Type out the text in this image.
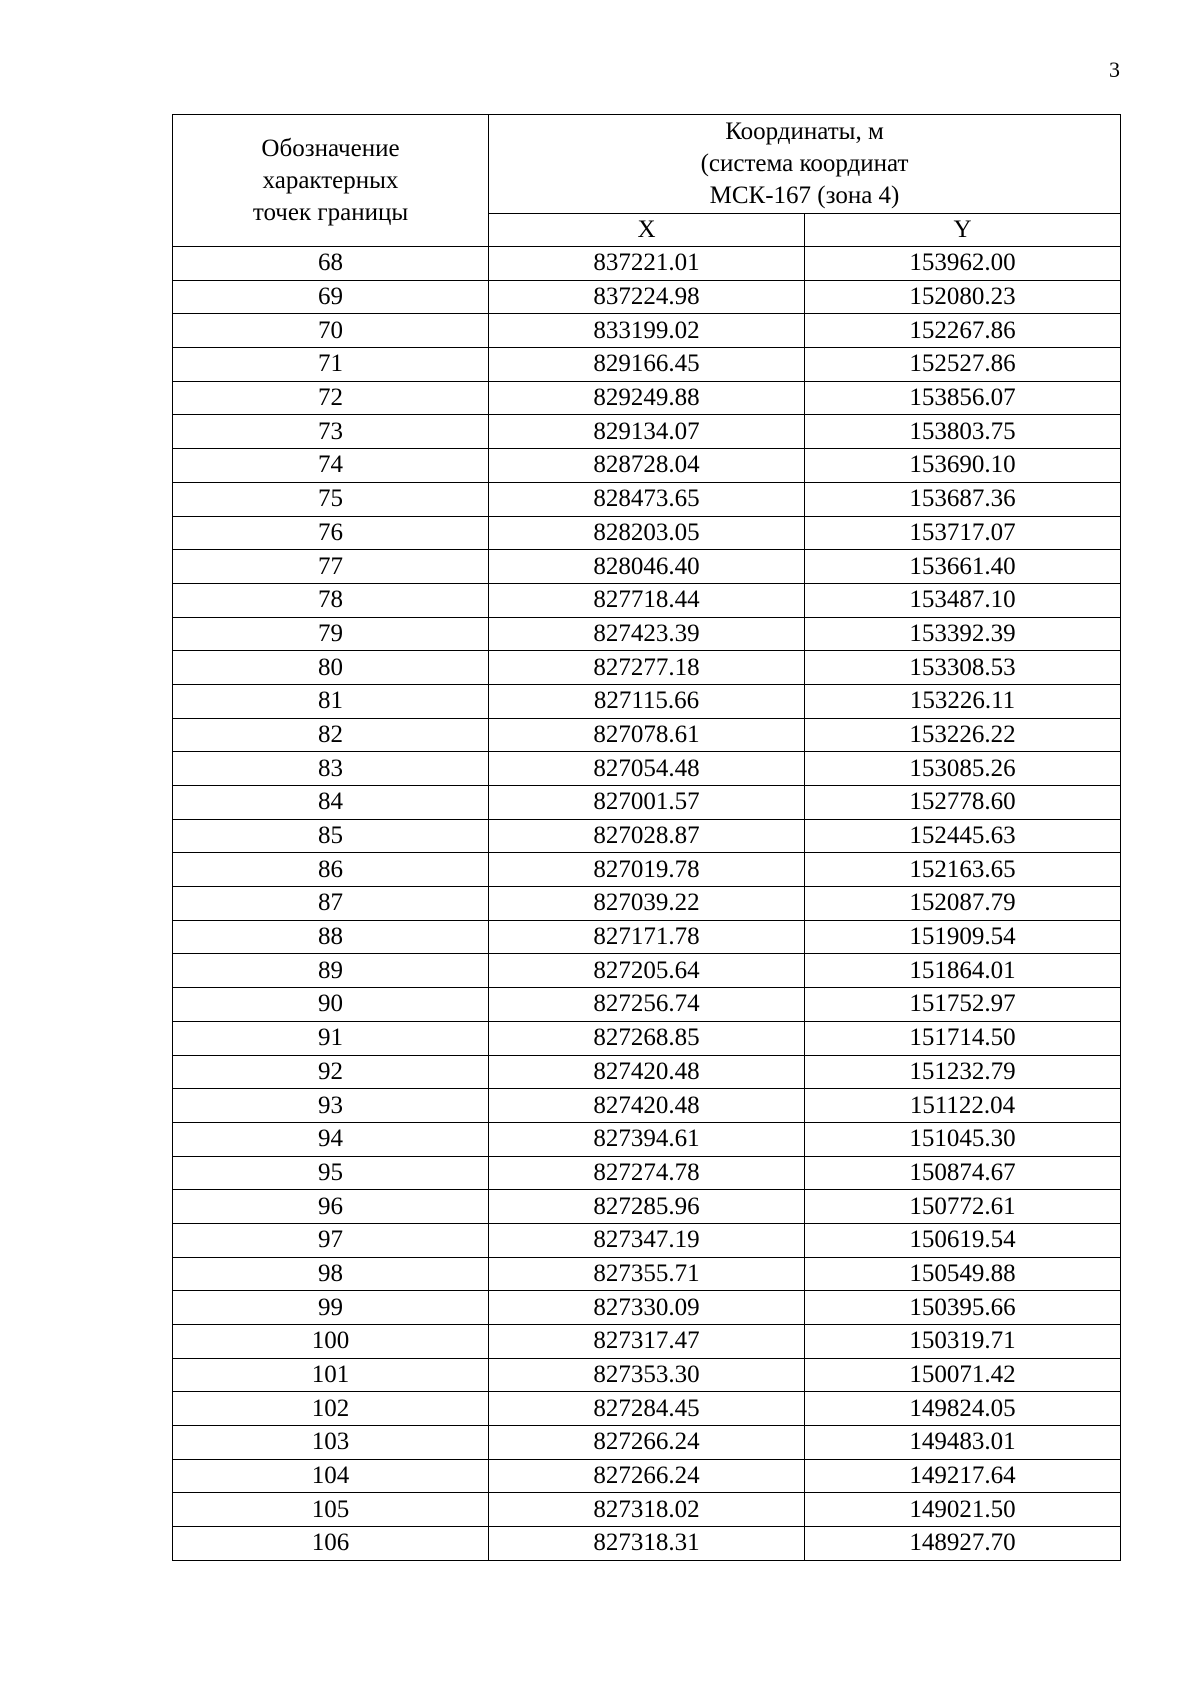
3
Обозначение
характерных
точек границы	Координаты, м
(система координат
МСК-167 (зона 4)	
	X	Y
68	837221.01	153962.00
69	837224.98	152080.23
70	833199.02	152267.86
71	829166.45	152527.86
72	829249.88	153856.07
73	829134.07	153803.75
74	828728.04	153690.10
75	828473.65	153687.36
76	828203.05	153717.07
77	828046.40	153661.40
78	827718.44	153487.10
79	827423.39	153392.39
80	827277.18	153308.53
81	827115.66	153226.11
82	827078.61	153226.22
83	827054.48	153085.26
84	827001.57	152778.60
85	827028.87	152445.63
86	827019.78	152163.65
87	827039.22	152087.79
88	827171.78	151909.54
89	827205.64	151864.01
90	827256.74	151752.97
91	827268.85	151714.50
92	827420.48	151232.79
93	827420.48	151122.04
94	827394.61	151045.30
95	827274.78	150874.67
96	827285.96	150772.61
97	827347.19	150619.54
98	827355.71	150549.88
99	827330.09	150395.66
100	827317.47	150319.71
101	827353.30	150071.42
102	827284.45	149824.05
103	827266.24	149483.01
104	827266.24	149217.64
105	827318.02	149021.50
106	827318.31	148927.70
